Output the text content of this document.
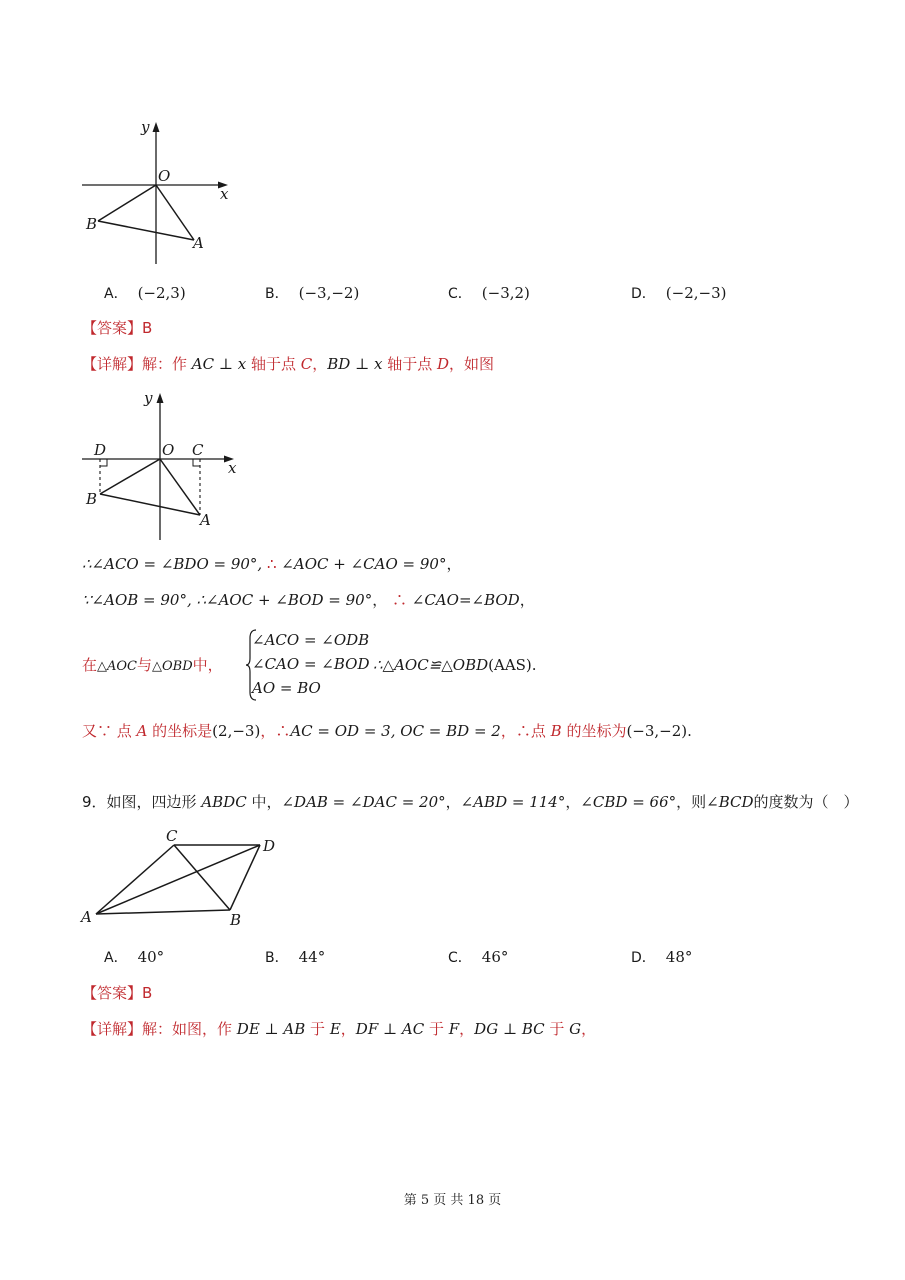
y
x
O
B
A
A． (−2,3)	B． (−3,−2)	C． (−3,2)	D． (−2,−3)
【答案】B
【详解】解：作 AC ⊥ x 轴于点 C，BD ⊥ x 轴于点 D，如图
y
x
D	O C
B
A
∴∠ACO = ∠BDO = 90°, ∴ ∠AOC + ∠CAO = 90°，
∵∠AOB = 90°, ∴∠AOC + ∠BOD = 90°， ∴ ∠CAO=∠BOD，
在△AOC与△OBD中，
∠ACO = ∠ODB
∠CAO = ∠BOD
AO = BO
∴△AOC≌△OBD(AAS).
又∵ 点 A 的坐标是(2,−3)，∴AC = OD = 3, OC = BD = 2，∴点 B 的坐标为(−3,−2).
9．如图，四边形 ABDC 中，∠DAB = ∠DAC = 20°，∠ABD = 114°，∠CBD = 66°，则∠BCD的度数为（　）
C
D
A	B
A． 40°	B． 44°	C． 46°	D． 48°
【答案】B
【详解】解：如图，作 DE ⊥ AB 于 E，DF ⊥ AC 于 F，DG ⊥ BC 于 G，
第 5 页 共 18 页
